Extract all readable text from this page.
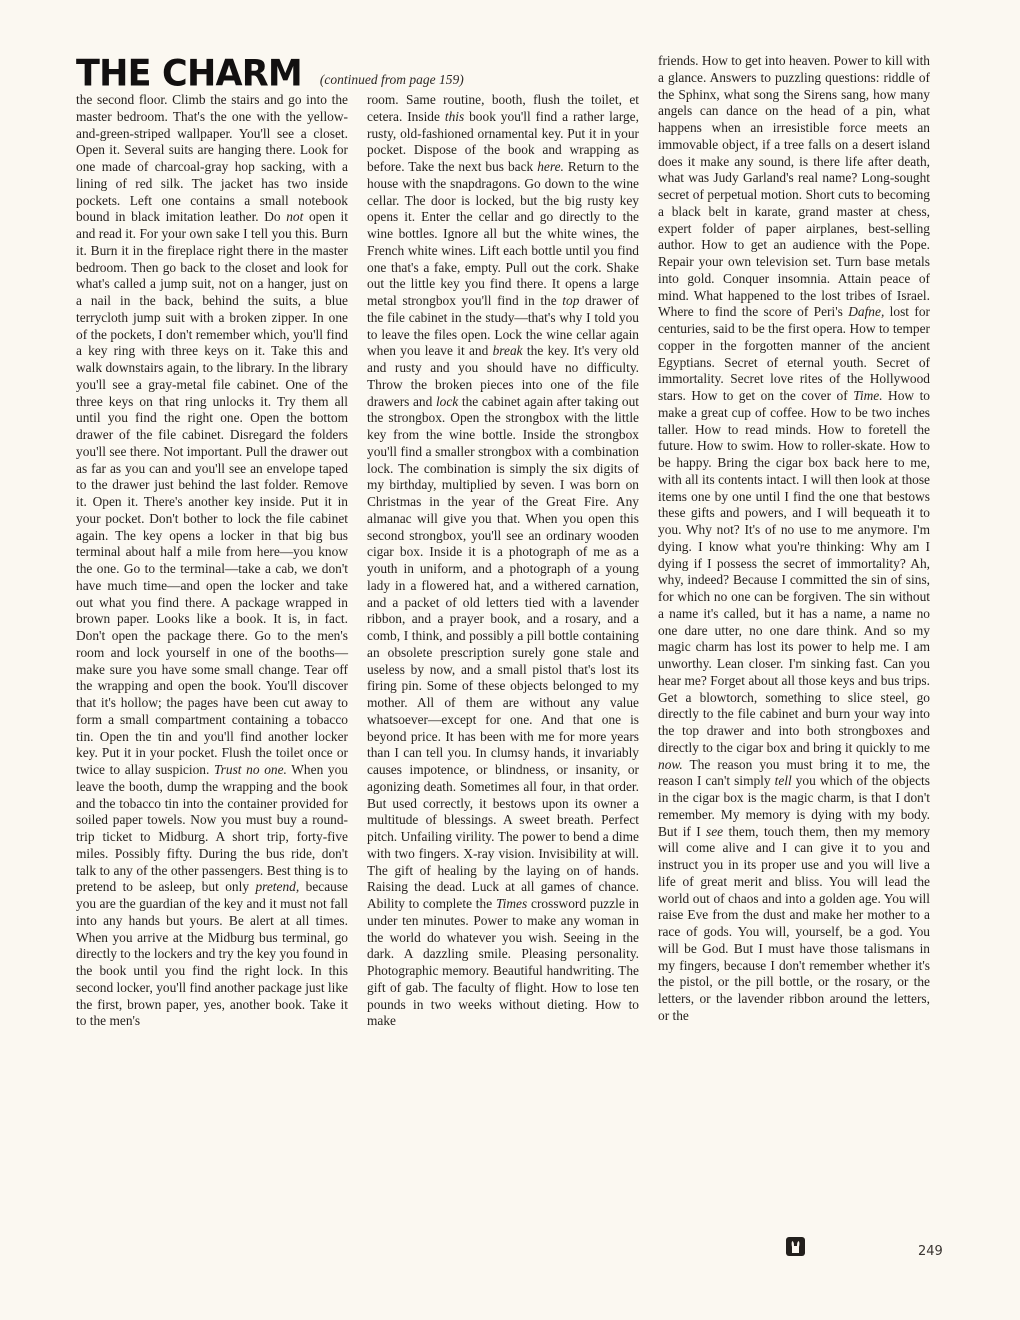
THE CHARM (continued from page 159)

the second floor. Climb the stairs and go into the master bedroom. That's the one with the yellow-and-green-striped wallpaper. You'll see a closet. Open it. Several suits are hanging there. Look for one made of charcoal-gray hop sacking, with a lining of red silk. The jacket has two inside pockets. Left one contains a small notebook bound in black imitation leather. Do not open it and read it. For your own sake I tell you this. Burn it. Burn it in the fireplace right there in the master bedroom. Then go back to the closet and look for what's called a jump suit, not on a hanger, just on a nail in the back, behind the suits, a blue terrycloth jump suit with a broken zipper. In one of the pockets, I don't remember which, you'll find a key ring with three keys on it. Take this and walk downstairs again, to the library. In the library you'll see a gray-metal file cabinet. One of the three keys on that ring unlocks it. Try them all until you find the right one. Open the bottom drawer of the file cabinet. Disregard the folders you'll see there. Not important. Pull the drawer out as far as you can and you'll see an envelope taped to the drawer just behind the last folder. Remove it. Open it. There's another key inside. Put it in your pocket. Don't bother to lock the file cabinet again. The key opens a locker in that big bus terminal about half a mile from here—you know the one. Go to the terminal—take a cab, we don't have much time—and open the locker and take out what you find there. A package wrapped in brown paper. Looks like a book. It is, in fact. Don't open the package there. Go to the men's room and lock yourself in one of the booths—make sure you have some small change. Tear off the wrapping and open the book. You'll discover that it's hollow; the pages have been cut away to form a small compartment containing a tobacco tin. Open the tin and you'll find another locker key. Put it in your pocket. Flush the toilet once or twice to allay suspicion. Trust no one. When you leave the booth, dump the wrapping and the book and the tobacco tin into the container provided for soiled paper towels. Now you must buy a round-trip ticket to Midburg. A short trip, forty-five miles. Possibly fifty. During the bus ride, don't talk to any of the other passengers. Best thing is to pretend to be asleep, but only pretend, because you are the guardian of the key and it must not fall into any hands but yours. Be alert at all times. When you arrive at the Midburg bus terminal, go directly to the lockers and try the key you found in the book until you find the right lock. In this second locker, you'll find another package just like the first, brown paper, yes, another book. Take it to the men's

room. Same routine, booth, flush the toilet, et cetera. Inside this book you'll find a rather large, rusty, old-fashioned ornamental key. Put it in your pocket. Dispose of the book and wrapping as before. Take the next bus back here. Return to the house with the snapdragons. Go down to the wine cellar. The door is locked, but the big rusty key opens it. Enter the cellar and go directly to the wine bottles. Ignore all but the white wines, the French white wines. Lift each bottle until you find one that's a fake, empty. Pull out the cork. Shake out the little key you find there. It opens a large metal strongbox you'll find in the top drawer of the file cabinet in the study—that's why I told you to leave the files open. Lock the wine cellar again when you leave it and break the key. It's very old and rusty and you should have no difficulty. Throw the broken pieces into one of the file drawers and lock the cabinet again after taking out the strongbox. Open the strongbox with the little key from the wine bottle. Inside the strongbox you'll find a smaller strongbox with a combination lock. The combination is simply the six digits of my birthday, multiplied by seven. I was born on Christmas in the year of the Great Fire. Any almanac will give you that. When you open this second strongbox, you'll see an ordinary wooden cigar box. Inside it is a photograph of me as a youth in uniform, and a photograph of a young lady in a flowered hat, and a withered carnation, and a packet of old letters tied with a lavender ribbon, and a prayer book, and a rosary, and a comb, I think, and possibly a pill bottle containing an obsolete prescription surely gone stale and useless by now, and a small pistol that's lost its firing pin. Some of these objects belonged to my mother. All of them are without any value whatsoever—except for one. And that one is beyond price. It has been with me for more years than I can tell you. In clumsy hands, it invariably causes impotence, or blindness, or insanity, or agonizing death. Sometimes all four, in that order. But used correctly, it bestows upon its owner a multitude of blessings. A sweet breath. Perfect pitch. Unfailing virility. The power to bend a dime with two fingers. X-ray vision. Invisibility at will. The gift of healing by the laying on of hands. Raising the dead. Luck at all games of chance. Ability to complete the Times crossword puzzle in under ten minutes. Power to make any woman in the world do whatever you wish. Seeing in the dark. A dazzling smile. Pleasing personality. Photographic memory. Beautiful handwriting. The gift of gab. The faculty of flight. How to lose ten pounds in two weeks without dieting. How to make

friends. How to get into heaven. Power to kill with a glance. Answers to puzzling questions: riddle of the Sphinx, what song the Sirens sang, how many angels can dance on the head of a pin, what happens when an irresistible force meets an immovable object, if a tree falls on a desert island does it make any sound, is there life after death, what was Judy Garland's real name? Long-sought secret of perpetual motion. Short cuts to becoming a black belt in karate, grand master at chess, expert folder of paper airplanes, best-selling author. How to get an audience with the Pope. Repair your own television set. Turn base metals into gold. Conquer insomnia. Attain peace of mind. What happened to the lost tribes of Israel. Where to find the score of Peri's Dafne, lost for centuries, said to be the first opera. How to temper copper in the forgotten manner of the ancient Egyptians. Secret of eternal youth. Secret of immortality. Secret love rites of the Hollywood stars. How to get on the cover of Time. How to make a great cup of coffee. How to be two inches taller. How to read minds. How to foretell the future. How to swim. How to roller-skate. How to be happy. Bring the cigar box back here to me, with all its contents intact. I will then look at those items one by one until I find the one that bestows these gifts and powers, and I will bequeath it to you. Why not? It's of no use to me anymore. I'm dying. I know what you're thinking: Why am I dying if I possess the secret of immortality? Ah, why, indeed? Because I committed the sin of sins, for which no one can be forgiven. The sin without a name it's called, but it has a name, a name no one dare utter, no one dare think. And so my magic charm has lost its power to help me. I am unworthy. Lean closer. I'm sinking fast. Can you hear me? Forget about all those keys and bus trips. Get a blowtorch, something to slice steel, go directly to the file cabinet and burn your way into the top drawer and into both strongboxes and directly to the cigar box and bring it quickly to me now. The reason you must bring it to me, the reason I can't simply tell you which of the objects in the cigar box is the magic charm, is that I don't remember. My memory is dying with my body. But if I see them, touch them, then my memory will come alive and I can give it to you and instruct you in its proper use and you will live a life of great merit and bliss. You will lead the world out of chaos and into a golden age. You will raise Eve from the dust and make her mother to a race of gods. You will, yourself, be a god. You will be God. But I must have those talismans in my fingers, because I don't remember whether it's the pistol, or the pill bottle, or the rosary, or the letters, or the lavender ribbon around the letters, or the

249
